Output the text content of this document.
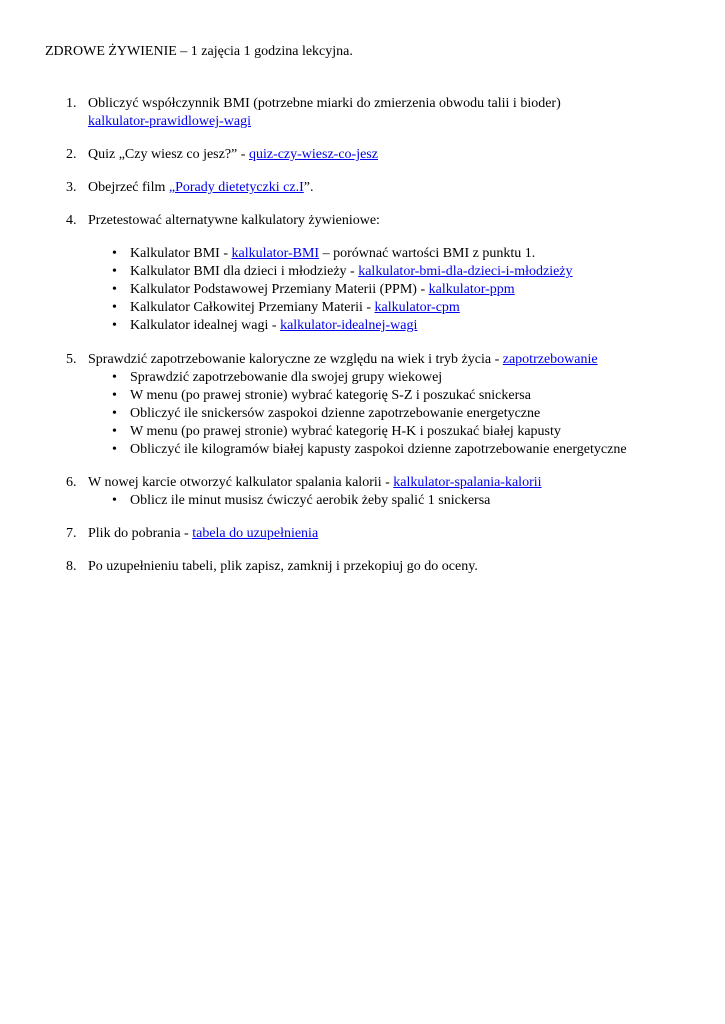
ZDROWE ŻYWIENIE – 1 zajęcia 1 godzina lekcyjna.
1. Obliczyć współczynnik BMI (potrzebne miarki do zmierzenia obwodu talii i bioder)
kalkulator-prawidlowej-wagi
2. Quiz „Czy wiesz co jesz?” - quiz-czy-wiesz-co-jesz
3. Obejrzeć film „Porady dietetyczki cz.I”.
4. Przetestować alternatywne kalkulatory żywieniowe:
• Kalkulator BMI - kalkulator-BMI – porównać wartości BMI z punktu 1.
• Kalkulator BMI dla dzieci i młodzieży - kalkulator-bmi-dla-dzieci-i-młodzieży
• Kalkulator Podstawowej Przemiany Materii (PPM) - kalkulator-ppm
• Kalkulator Całkowitej Przemiany Materii - kalkulator-cpm
• Kalkulator idealnej wagi - kalkulator-idealnej-wagi
5. Sprawdzić zapotrzebowanie kaloryczne ze względu na wiek i tryb życia - zapotrzebowanie
• Sprawdzić zapotrzebowanie dla swojej grupy wiekowej
• W menu (po prawej stronie) wybrać kategorię S-Z i poszukać snickersa
• Obliczyć ile snickersów zaspokoi dzienne zapotrzebowanie energetyczne
• W menu (po prawej stronie) wybrać kategorię H-K i poszukać białej kapusty
• Obliczyć ile kilogramów białej kapusty zaspokoi dzienne zapotrzebowanie energetyczne
6. W nowej karcie otworzyć kalkulator spalania kalorii - kalkulator-spalania-kalorii
• Oblicz ile minut musisz ćwiczyć aerobik żeby spalić 1 snickersa
7. Plik do pobrania - tabela do uzupełnienia
8. Po uzupełnieniu tabeli, plik zapisz, zamknij i przekopiuj go do oceny.
